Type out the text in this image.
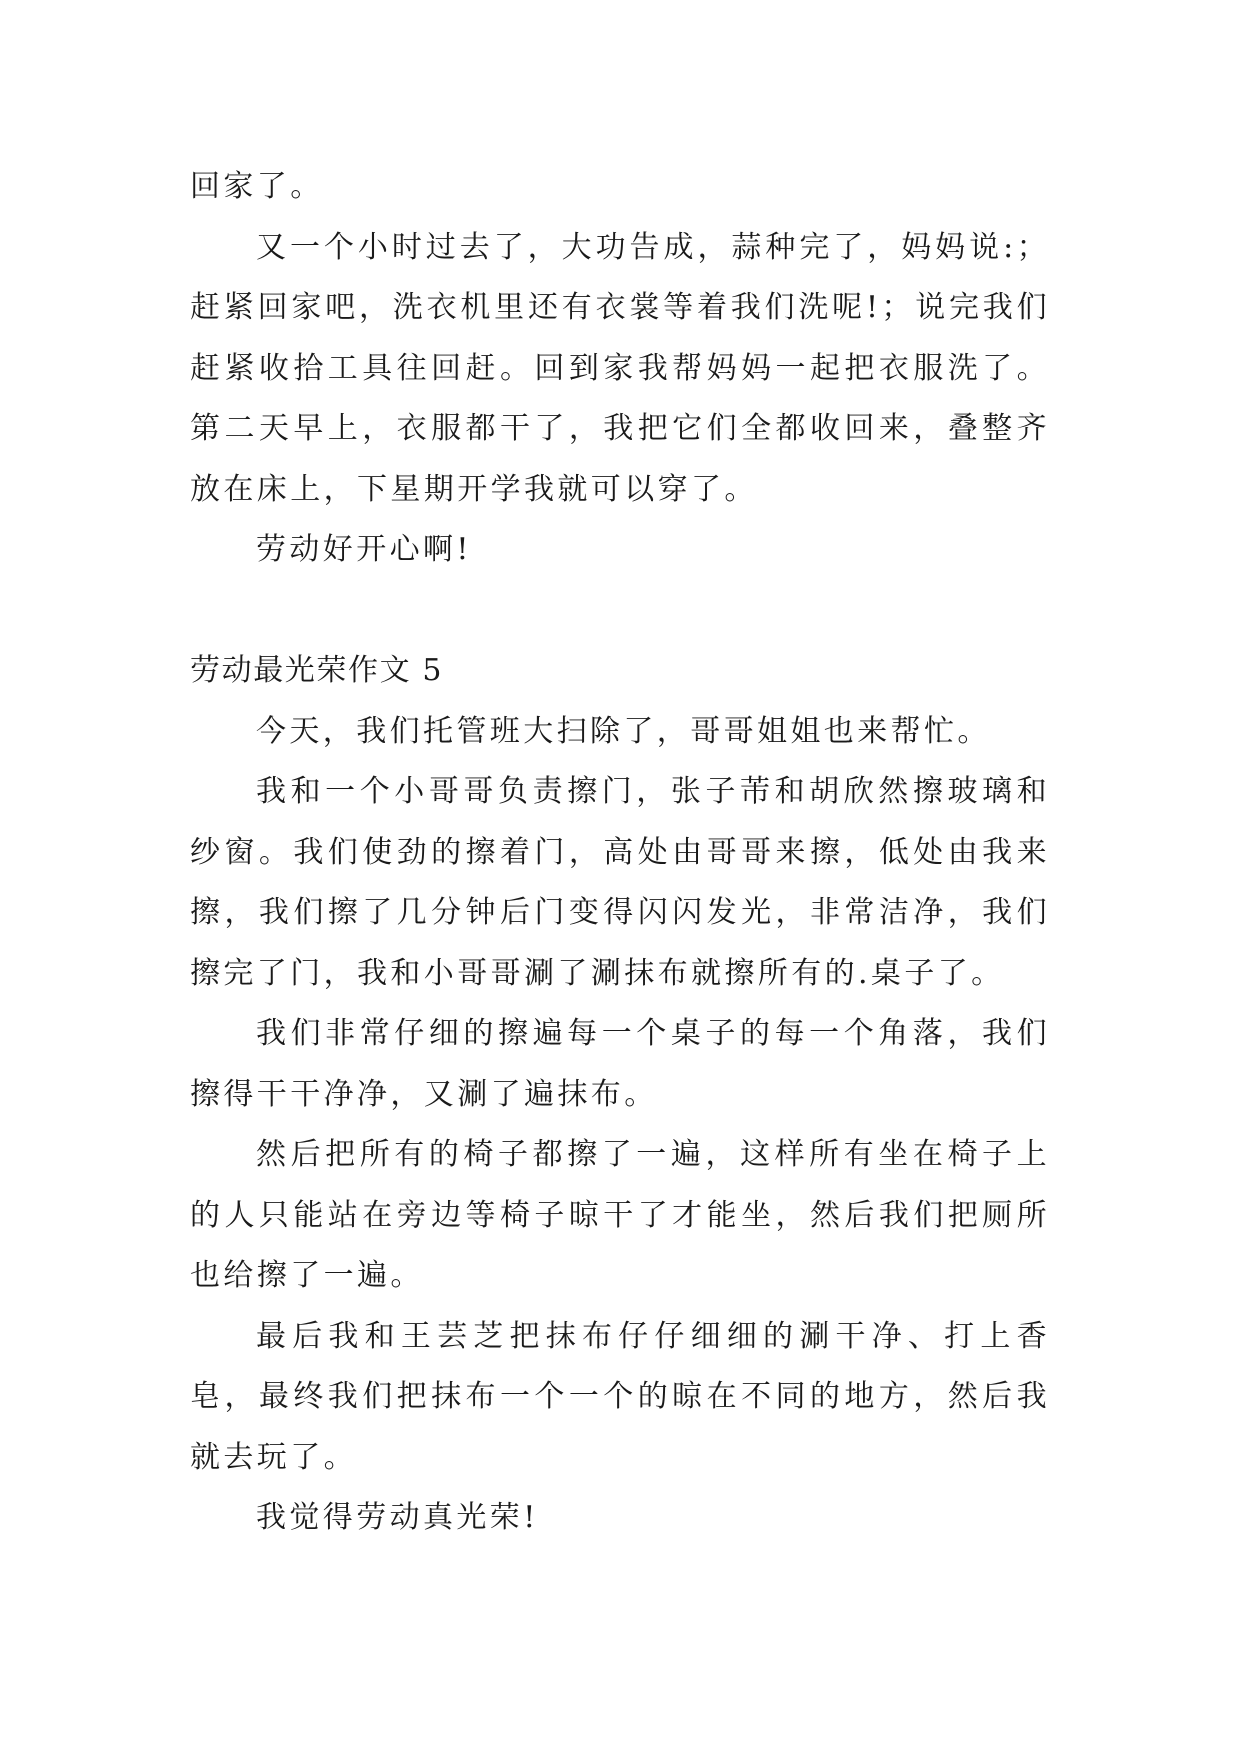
回家了。

又一个小时过去了，大功告成，蒜种完了，妈妈说:；赶紧回家吧，洗衣机里还有衣裳等着我们洗呢!；说完我们赶紧收拾工具往回赶。回到家我帮妈妈一起把衣服洗了。第二天早上，衣服都干了，我把它们全都收回来，叠整齐放在床上，下星期开学我就可以穿了。

劳动好开心啊!

劳动最光荣作文 5

今天，我们托管班大扫除了，哥哥姐姐也来帮忙。

我和一个小哥哥负责擦门，张子芾和胡欣然擦玻璃和纱窗。我们使劲的擦着门，高处由哥哥来擦，低处由我来擦，我们擦了几分钟后门变得闪闪发光，非常洁净，我们擦完了门，我和小哥哥涮了涮抹布就擦所有的.桌子了。

我们非常仔细的擦遍每一个桌子的每一个角落，我们擦得干干净净，又涮了遍抹布。

然后把所有的椅子都擦了一遍，这样所有坐在椅子上的人只能站在旁边等椅子晾干了才能坐，然后我们把厕所也给擦了一遍。

最后我和王芸芝把抹布仔仔细细的涮干净、打上香皂，最终我们把抹布一个一个的晾在不同的地方，然后我就去玩了。

我觉得劳动真光荣!
